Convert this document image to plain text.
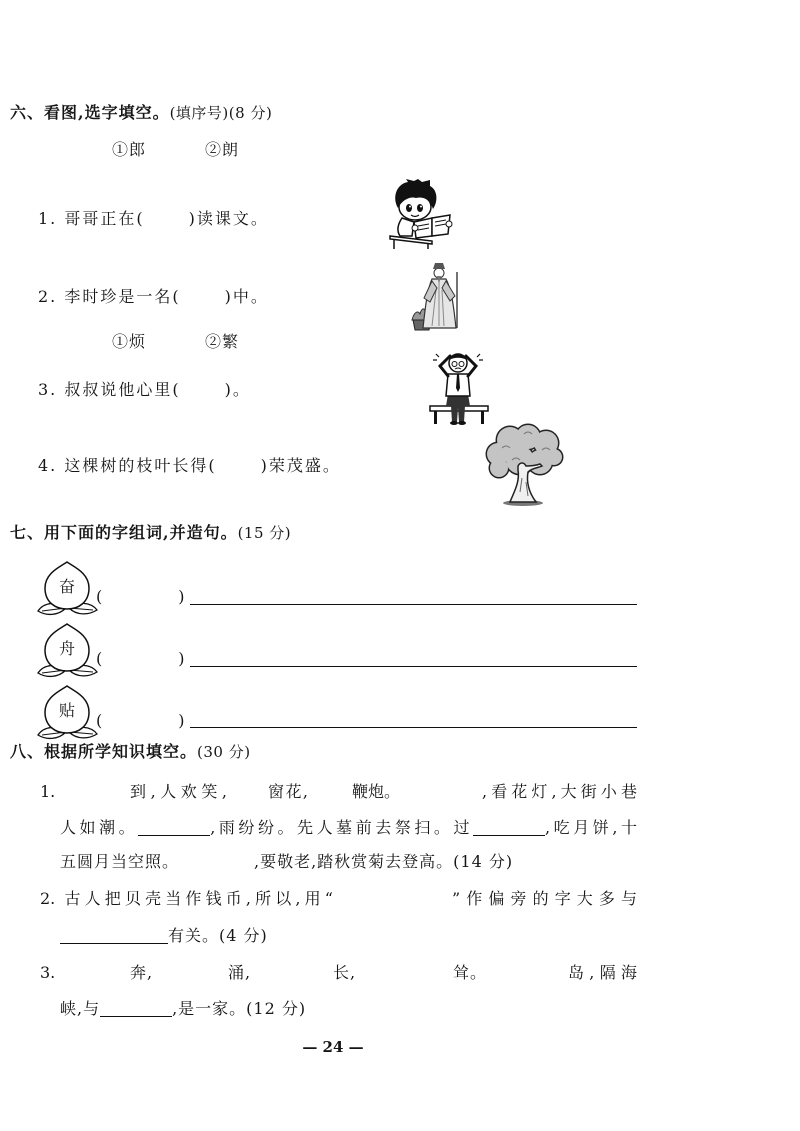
六、看图,选字填空。(填序号)(8 分)
①郎	②朗
1. 哥哥正在(	)读课文。
2. 李时珍是一名(	)中。
①烦	②繁
3. 叔叔说他心里(	)。
4. 这棵树的枝叶长得(	)荣茂盛。
七、用下面的字组词,并造句。(15 分)
奋
(	)
舟
(	)
贴
(	)
八、根据所学知识填空。(30 分)
1.	到,人欢笑,	窗花,	鞭炮。	,看花灯,大街小巷
人如潮。	,雨纷纷。先人墓前去祭扫。过	,吃月饼,十
五圆月当空照。	,要敬老,踏秋赏菊去登高。(14 分)
2. 古人把贝壳当作钱币,所以,用“	”作偏旁的字大多与
有关。(4 分)
3.	奔,	涌,	长,	耸。	岛,隔海
峡,与	,是一家。(12 分)
— 24 —
